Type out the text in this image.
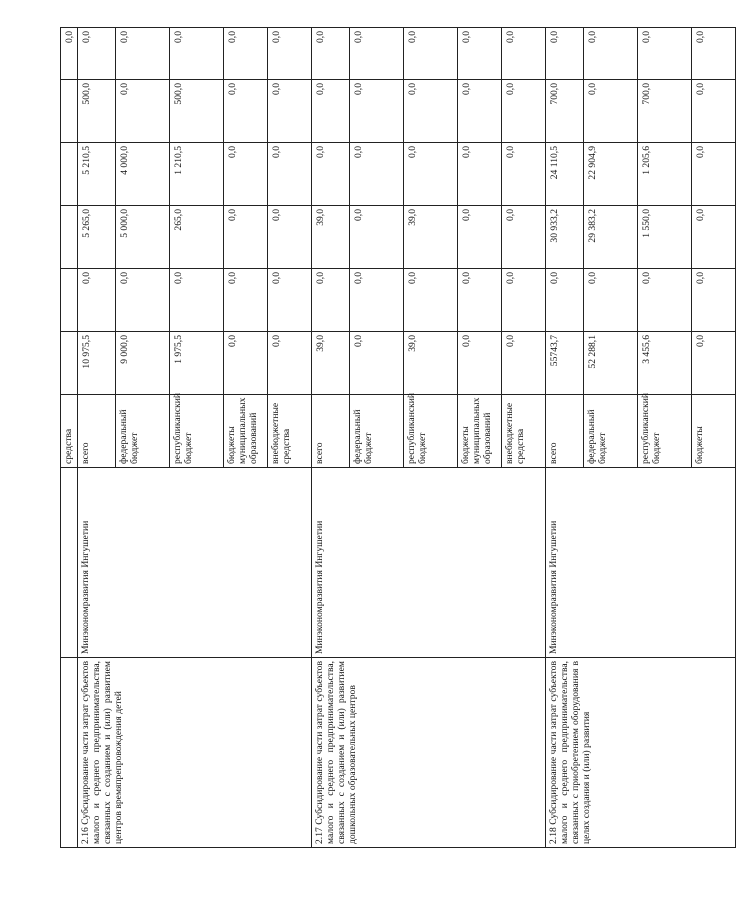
		средства						0,0	
2.16 Субсидирование части затрат субъектов малого и среднего предпринимательства, связанных с созданием и (или) развитием центров времяпрепровождения детей	Минэкономразвития Ингушетии	всего	10 975,5	0,0	5 265,0	5 210,5	500,0	0,0	
		федеральный бюджет	9 000,0	0,0	5 000,0	4 000,0	0,0	0,0	
		республиканский бюджет	1 975,5	0,0	265,0	1 210,5	500,0	0,0	
		бюджеты муниципальных образований	0,0	0,0	0,0	0,0	0,0	0,0	
		внебюджетные средства	0,0	0,0	0,0	0,0	0,0	0,0	
2.17 Субсидирование части затрат субъектов малого и среднего предпринимательства, связанных с созданием и (или) развитием дошкольных образовательных центров	Минэкономразвития Ингушетии	всего	39,0	0,0	39,0	0,0	0,0	0,0	
		федеральный бюджет	0,0	0,0	0,0	0,0	0,0	0,0	
		республиканский бюджет	39,0	0,0	39,0	0,0	0,0	0,0	
		бюджеты муниципальных образований	0,0	0,0	0,0	0,0	0,0	0,0	
		внебюджетные средства	0,0	0,0	0,0	0,0	0,0	0,0	
2.18 Субсидирование части затрат субъектов малого и среднего предпринимательства, связанных с приобретением оборудования в целях создания и (или) развития	Минэкономразвития Ингушетии	всего	55743,7	0,0	30 933,2	24 110,5	700,0	0,0	
		федеральный бюджет	52 288,1	0,0	29 383,2	22 904,9	0,0	0,0	
		республиканский бюджет	3 455,6	0,0	1 550,0	1 205,6	700,0	0,0	
		бюджеты	0,0	0,0	0,0	0,0	0,0	0,0	
